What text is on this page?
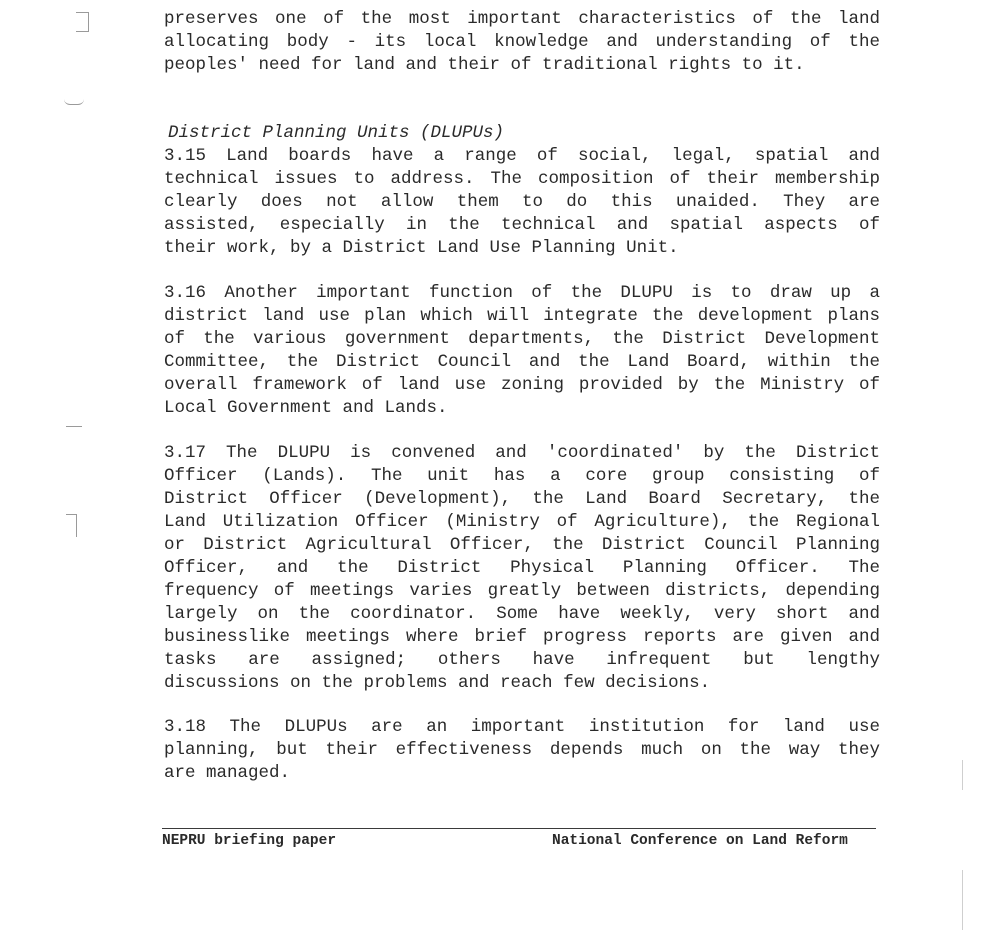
preserves one of the most important characteristics of the land
allocating body - its local knowledge and understanding of the
peoples' need for land and their of traditional rights to it.
District Planning Units (DLUPUs)
3.15 Land boards have a range of social, legal, spatial and
technical issues to address. The composition of their membership
clearly does not allow them to do this unaided. They are
assisted, especially in the technical and spatial aspects of
their work, by a District Land Use Planning Unit.
3.16 Another important function of the DLUPU is to draw up a
district land use plan which will integrate the development plans
of the various government departments, the District Development
Committee, the District Council and the Land Board, within the
overall framework of land use zoning provided by the Ministry of
Local Government and Lands.
3.17 The DLUPU is convened and 'coordinated' by the District
Officer (Lands). The unit has a core group consisting of
District Officer (Development), the Land Board Secretary, the
Land Utilization Officer (Ministry of Agriculture), the Regional
or District Agricultural Officer, the District Council Planning
Officer, and the District Physical Planning Officer. The
frequency of meetings varies greatly between districts, depending
largely on the coordinator. Some have weekly, very short and
businesslike meetings where brief progress reports are given and
tasks are assigned; others have infrequent but lengthy
discussions on the problems and reach few decisions.
3.18 The DLUPUs are an important institution for land use
planning, but their effectiveness depends much on the way they
are managed.
NEPRU briefing paper	National Conference on Land Reform
